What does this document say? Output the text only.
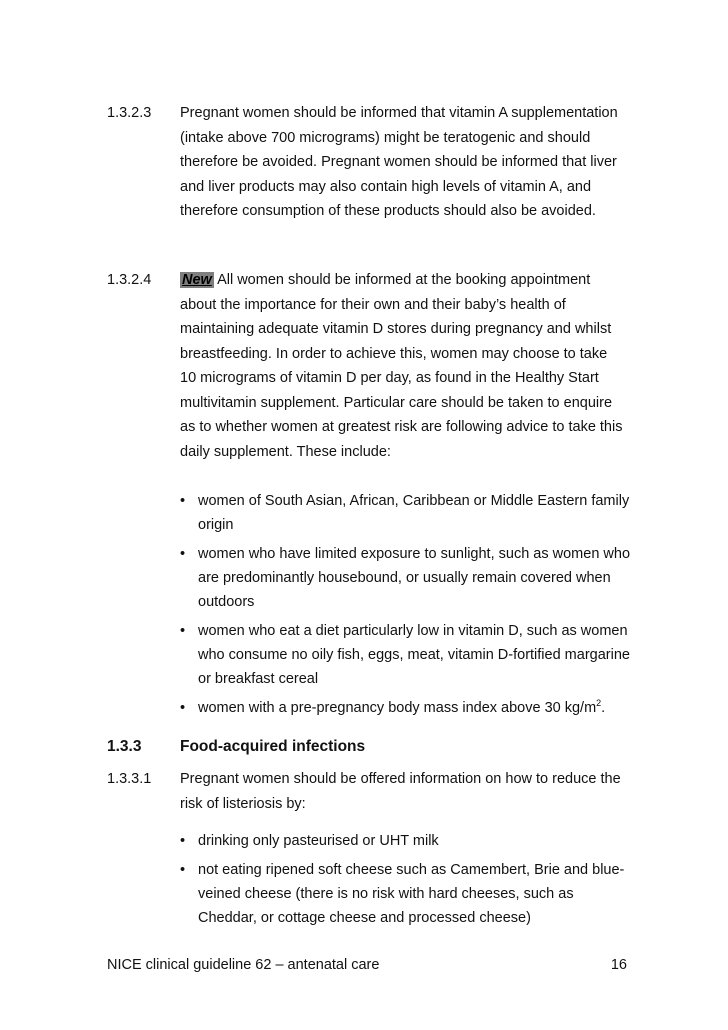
1.3.2.3 Pregnant women should be informed that vitamin A supplementation (intake above 700 micrograms) might be teratogenic and should therefore be avoided. Pregnant women should be informed that liver and liver products may also contain high levels of vitamin A, and therefore consumption of these products should also be avoided.
1.3.2.4 New All women should be informed at the booking appointment about the importance for their own and their baby’s health of maintaining adequate vitamin D stores during pregnancy and whilst breastfeeding. In order to achieve this, women may choose to take 10 micrograms of vitamin D per day, as found in the Healthy Start multivitamin supplement. Particular care should be taken to enquire as to whether women at greatest risk are following advice to take this daily supplement. These include:
• women of South Asian, African, Caribbean or Middle Eastern family origin
• women who have limited exposure to sunlight, such as women who are predominantly housebound, or usually remain covered when outdoors
• women who eat a diet particularly low in vitamin D, such as women who consume no oily fish, eggs, meat, vitamin D-fortified margarine or breakfast cereal
• women with a pre-pregnancy body mass index above 30 $kg/m^2$.
1.3.3 Food-acquired infections
1.3.3.1 Pregnant women should be offered information on how to reduce the risk of listeriosis by:
• drinking only pasteurised or UHT milk
• not eating ripened soft cheese such as Camembert, Brie and blue-veined cheese (there is no risk with hard cheeses, such as Cheddar, or cottage cheese and processed cheese)
NICE clinical guideline 62 – antenatal care	16
